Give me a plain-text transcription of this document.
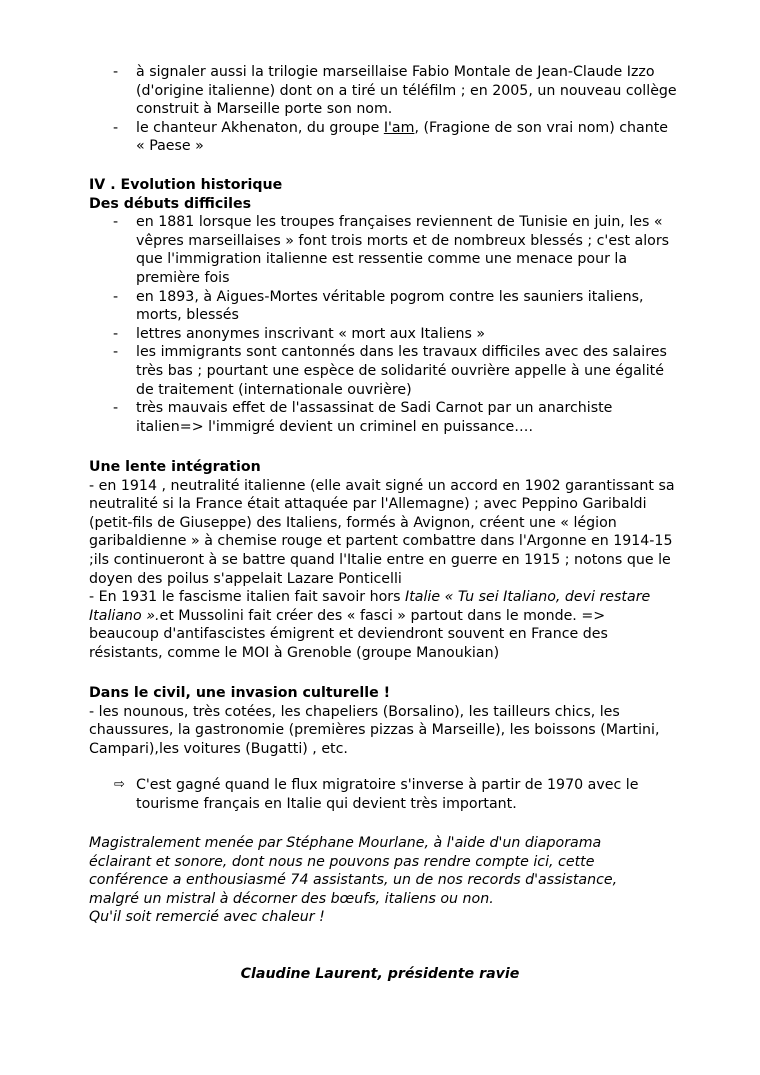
- à signaler aussi la trilogie marseillaise Fabio Montale de Jean-Claude Izzo (d'origine italienne) dont on a tiré un téléfilm ; en 2005, un nouveau collège construit à Marseille porte son nom.
- le chanteur Akhenaton, du groupe I'am, (Fragione de son vrai nom) chante « Paese »
IV . Evolution historique
Des débuts difficiles
- en 1881 lorsque les troupes françaises reviennent de Tunisie en juin, les « vêpres marseillaises » font trois morts et de nombreux blessés ; c'est alors que l'immigration italienne est ressentie comme une menace pour la première fois
- en 1893, à Aigues-Mortes véritable pogrom contre les sauniers italiens, morts, blessés
- lettres anonymes inscrivant « mort aux Italiens »
- les immigrants sont cantonnés dans les travaux difficiles avec des salaires très bas ; pourtant une espèce de solidarité ouvrière appelle à une égalité de traitement (internationale ouvrière)
- très mauvais effet de l'assassinat de Sadi Carnot par un anarchiste italien=> l'immigré devient un criminel en puissance….
Une lente intégration

- en 1914 , neutralité italienne (elle avait signé un accord en 1902 garantissant sa neutralité si la France était attaquée par l'Allemagne) ; avec Peppino Garibaldi (petit-fils de Giuseppe) des Italiens, formés à Avignon, créent une « légion garibaldienne » à chemise rouge et partent combattre dans l'Argonne en 1914-15 ;ils continueront à se battre quand l'Italie entre en guerre en 1915 ; notons que le doyen des poilus s'appelait Lazare Ponticelli

- En 1931 le fascisme italien fait savoir hors Italie « Tu sei Italiano, devi restare Italiano ».et Mussolini fait créer des « fasci » partout dans le monde. => beaucoup d'antifascistes émigrent et deviendront souvent en France des résistants, comme le MOI à Grenoble (groupe Manoukian)

Dans le civil, une invasion culturelle !

- les nounous, très cotées, les chapeliers (Borsalino), les tailleurs chics, les chaussures, la gastronomie (premières pizzas à Marseille), les boissons (Martini, Campari),les voitures (Bugatti) , etc.

⇨ C'est gagné quand le flux migratoire s'inverse à partir de 1970 avec le tourisme français en Italie qui devient très important.
Magistralement menée par Stéphane Mourlane, à l'aide d'un diaporama
éclairant et sonore, dont nous ne pouvons pas rendre compte ici, cette
conférence a enthousiasmé 74 assistants, un de nos records d'assistance,
malgré un mistral à décorner des bœufs, italiens ou non.
Qu'il soit remercié avec chaleur !
Claudine Laurent, présidente ravie
